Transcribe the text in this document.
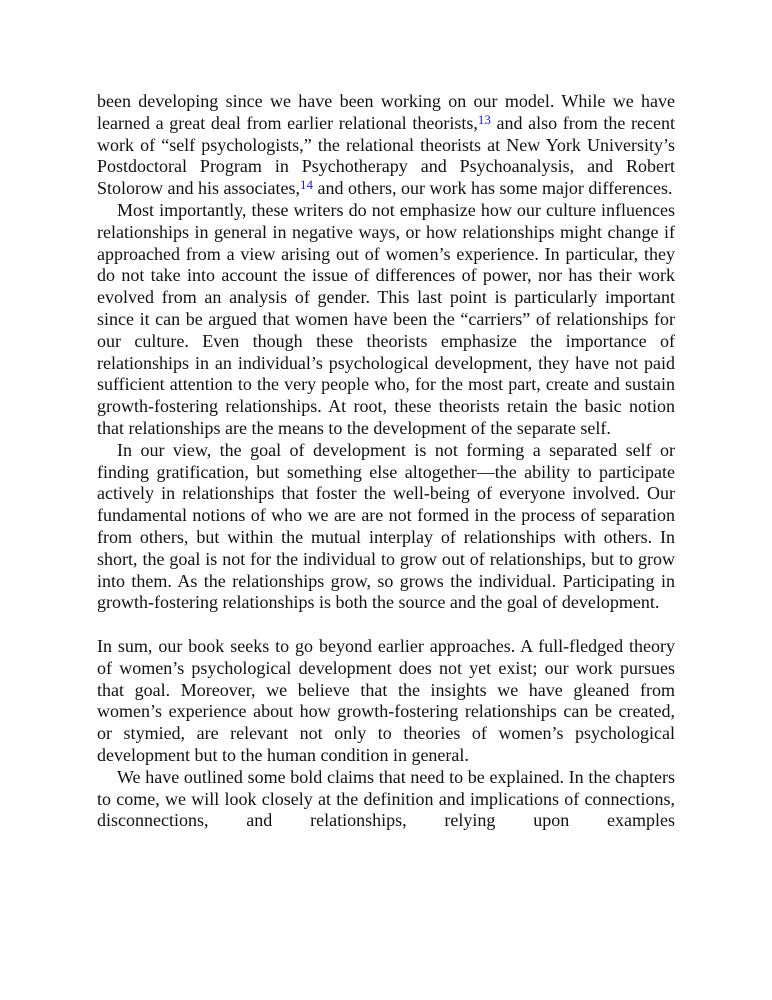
been developing since we have been working on our model. While we have learned a great deal from earlier relational theorists,$^{13}$ and also from the recent work of “self psychologists,” the relational theorists at New York University’s Postdoctoral Program in Psychotherapy and Psychoanalysis, and Robert Stolorow and his associates,$^{14}$ and others, our work has some major differences.

Most importantly, these writers do not emphasize how our culture influences relationships in general in negative ways, or how relationships might change if approached from a view arising out of women’s experience. In particular, they do not take into account the issue of differences of power, nor has their work evolved from an analysis of gender. This last point is particularly important since it can be argued that women have been the “carriers” of relationships for our culture. Even though these theorists emphasize the importance of relationships in an individual’s psychological development, they have not paid sufficient attention to the very people who, for the most part, create and sustain growth-fostering relationships. At root, these theorists retain the basic notion that relationships are the means to the development of the separate self.

In our view, the goal of development is not forming a separated self or finding gratification, but something else altogether—the ability to participate actively in relationships that foster the well-being of everyone involved. Our fundamental notions of who we are are not formed in the process of separation from others, but within the mutual interplay of relationships with others. In short, the goal is not for the individual to grow out of relationships, but to grow into them. As the relationships grow, so grows the individual. Participating in growth-fostering relationships is both the source and the goal of development.

In sum, our book seeks to go beyond earlier approaches. A full-fledged theory of women’s psychological development does not yet exist; our work pursues that goal. Moreover, we believe that the insights we have gleaned from women’s experience about how growth-fostering relationships can be created, or stymied, are relevant not only to theories of women’s psychological development but to the human condition in general.

We have outlined some bold claims that need to be explained. In the chapters to come, we will look closely at the definition and implications of connections, disconnections, and relationships, relying upon examples
